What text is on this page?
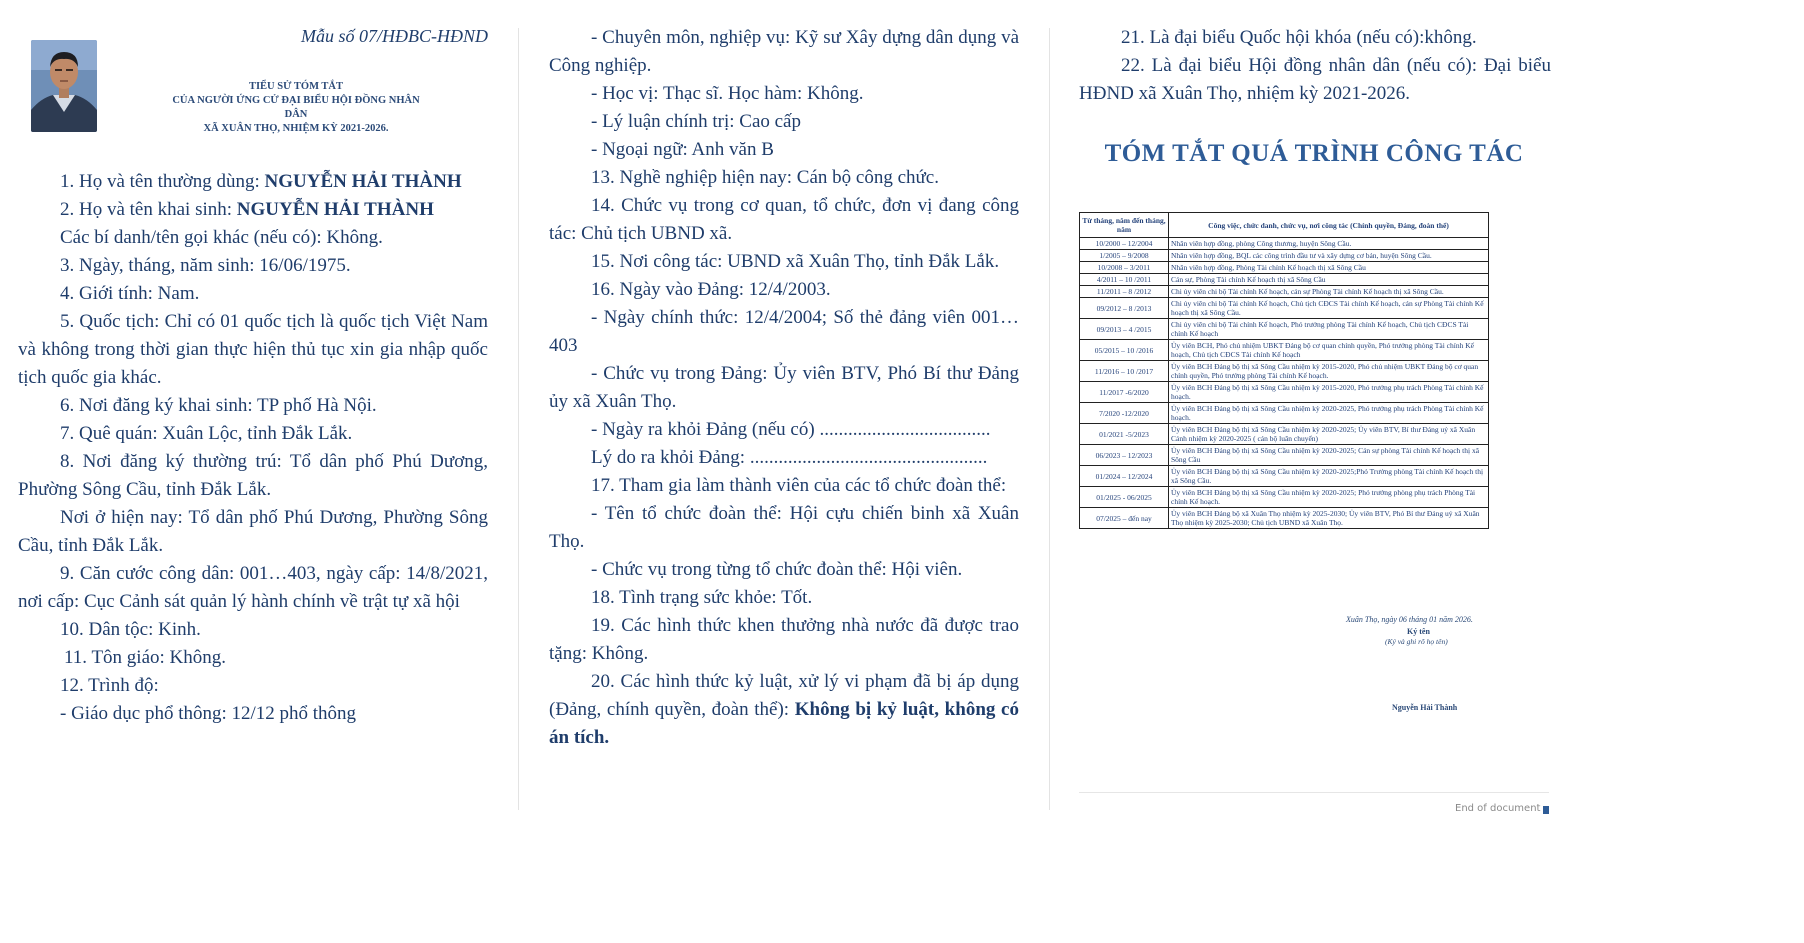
Mẫu số 07/HĐBC-HĐND
TIỂU SỬ TÓM TẮT
CỦA NGƯỜI ỨNG CỬ ĐẠI BIỂU HỘI ĐỒNG NHÂN DÂN
XÃ XUÂN THỌ, NHIỆM KỲ 2021-2026.

1. Họ và tên thường dùng: NGUYỄN HẢI THÀNH

2. Họ và tên khai sinh: NGUYỄN HẢI THÀNH

Các bí danh/tên gọi khác (nếu có): Không.

3. Ngày, tháng, năm sinh: 16/06/1975.

4. Giới tính: Nam.

5. Quốc tịch: Chỉ có 01 quốc tịch là quốc tịch Việt Nam và không trong thời gian thực hiện thủ tục xin gia nhập quốc tịch quốc gia khác.

6. Nơi đăng ký khai sinh: TP phố Hà Nội.

7. Quê quán: Xuân Lộc, tỉnh Đắk Lắk.

8. Nơi đăng ký thường trú: Tổ dân phố Phú Dương, Phường Sông Cầu, tỉnh Đắk Lắk.

Nơi ở hiện nay: Tổ dân phố Phú Dương, Phường Sông Cầu, tỉnh Đắk Lắk.

9. Căn cước công dân: 001…403, ngày cấp: 14/8/2021, nơi cấp: Cục Cảnh sát quản lý hành chính về trật tự xã hội

10. Dân tộc: Kinh.

11. Tôn giáo: Không.

12. Trình độ:

- Giáo dục phổ thông: 12/12 phổ thông

- Chuyên môn, nghiệp vụ: Kỹ sư Xây dựng dân dụng và Công nghiệp.

- Học vị: Thạc sĩ. Học hàm: Không.

- Lý luận chính trị: Cao cấp

- Ngoại ngữ: Anh văn B

13. Nghề nghiệp hiện nay: Cán bộ công chức.

14. Chức vụ trong cơ quan, tổ chức, đơn vị đang công tác: Chủ tịch UBND xã.

15. Nơi công tác: UBND xã Xuân Thọ, tỉnh Đắk Lắk.

16. Ngày vào Đảng: 12/4/2003.

- Ngày chính thức: 12/4/2004; Số thẻ đảng viên 001…403

- Chức vụ trong Đảng: Ủy viên BTV, Phó Bí thư Đảng ủy xã Xuân Thọ.

- Ngày ra khỏi Đảng (nếu có) ....................................

Lý do ra khỏi Đảng: ..................................................

17. Tham gia làm thành viên của các tổ chức đoàn thể:

- Tên tổ chức đoàn thể: Hội cựu chiến binh xã Xuân Thọ.

- Chức vụ trong từng tổ chức đoàn thể: Hội viên.

18. Tình trạng sức khỏe: Tốt.

19. Các hình thức khen thưởng nhà nước đã được trao tặng: Không.

20. Các hình thức kỷ luật, xử lý vi phạm đã bị áp dụng (Đảng, chính quyền, đoàn thể): Không bị kỷ luật, không có án tích.

21. Là đại biểu Quốc hội khóa (nếu có):không.

22. Là đại biểu Hội đồng nhân dân (nếu có): Đại biểu HĐND xã Xuân Thọ, nhiệm kỳ 2021-2026.

TÓM TẮT QUÁ TRÌNH CÔNG TÁC
Từ tháng, năm đến tháng, năm	Công việc, chức danh, chức vụ, nơi công tác (Chính quyền, Đảng, đoàn thể)
10/2000 – 12/2004	Nhân viên hợp đồng, phòng Công thương, huyện Sông Cầu.
1/2005 – 9/2008	Nhân viên hợp đồng, BQL các công trình đầu tư và xây dựng cơ bản, huyện Sông Cầu.
10/2008 – 3/2011	Nhân viên hợp đồng, Phòng Tài chính Kế hoạch thị xã Sông Cầu
4/2011 – 10 /2011	Cán sự, Phòng Tài chính Kế hoạch thị xã Sông Cầu
11/2011 – 8 /2012	Chi ủy viên chi bộ Tài chính Kế hoạch, cán sự Phòng Tài chính Kế hoạch thị xã Sông Cầu.
09/2012 – 8 /2013	Chi ủy viên chi bộ Tài chính Kế hoạch, Chủ tịch CĐCS Tài chính Kế hoạch, cán sự Phòng Tài chính Kế hoạch thị xã Sông Cầu.
09/2013 – 4 /2015	Chi ủy viên chi bộ Tài chính Kế hoạch, Phó trưởng phòng Tài chính Kế hoạch, Chủ tịch CĐCS Tài chính Kế hoạch
05/2015 – 10 /2016	Ủy viên BCH, Phó chủ nhiệm UBKT Đảng bộ cơ quan chính quyền, Phó trưởng phòng Tài chính Kế hoạch, Chủ tịch CĐCS Tài chính Kế hoạch
11/2016 – 10 /2017	Ủy viên BCH Đảng bộ thị xã Sông Cầu nhiệm kỳ 2015-2020, Phó chủ nhiệm UBKT Đảng bộ cơ quan chính quyền, Phó trưởng phòng Tài chính Kế hoạch.
11/2017 -6/2020	Ủy viên BCH Đảng bộ thị xã Sông Cầu nhiệm kỳ 2015-2020, Phó trưởng phụ trách Phòng Tài chính Kế hoạch.
7/2020 -12/2020	Ủy viên BCH Đảng bộ thị xã Sông Cầu nhiệm kỳ 2020-2025, Phó trưởng phụ trách Phòng Tài chính Kế hoạch.
01/2021 -5/2023	Ủy viên BCH Đảng bộ thị xã Sông Cầu nhiệm kỳ 2020-2025; Ủy viên BTV, Bí thư Đảng uỷ xã Xuân Cảnh nhiệm kỳ 2020-2025 ( cán bộ luân chuyển)
06/2023 – 12/2023	Ủy viên BCH Đảng bộ thị xã Sông Cầu nhiệm kỳ 2020-2025; Cán sự phòng Tài chính Kế hoạch thị xã Sông Cầu
01/2024 – 12/2024	Ủy viên BCH Đảng bộ thị xã Sông Cầu nhiệm kỳ 2020-2025;Phó Trưởng phòng Tài chính Kế hoạch thị xã Sông Cầu.
01/2025 - 06/2025	Ủy viên BCH Đảng bộ thị xã Sông Cầu nhiệm kỳ 2020-2025; Phó trưởng phòng phụ trách Phòng Tài chính Kế hoạch.
07/2025 – đến nay	Ủy viên BCH Đảng bộ xã Xuân Thọ nhiệm kỳ 2025-2030; Ủy viên BTV, Phó Bí thư Đảng uỷ xã Xuân Thọ nhiệm kỳ 2025-2030; Chủ tịch UBND xã Xuân Thọ.
Xuân Thọ, ngày 06 tháng 01 năm 2026.
Ký tên
(Ký và ghi rõ họ tên)
Nguyễn Hải Thành
End of document
